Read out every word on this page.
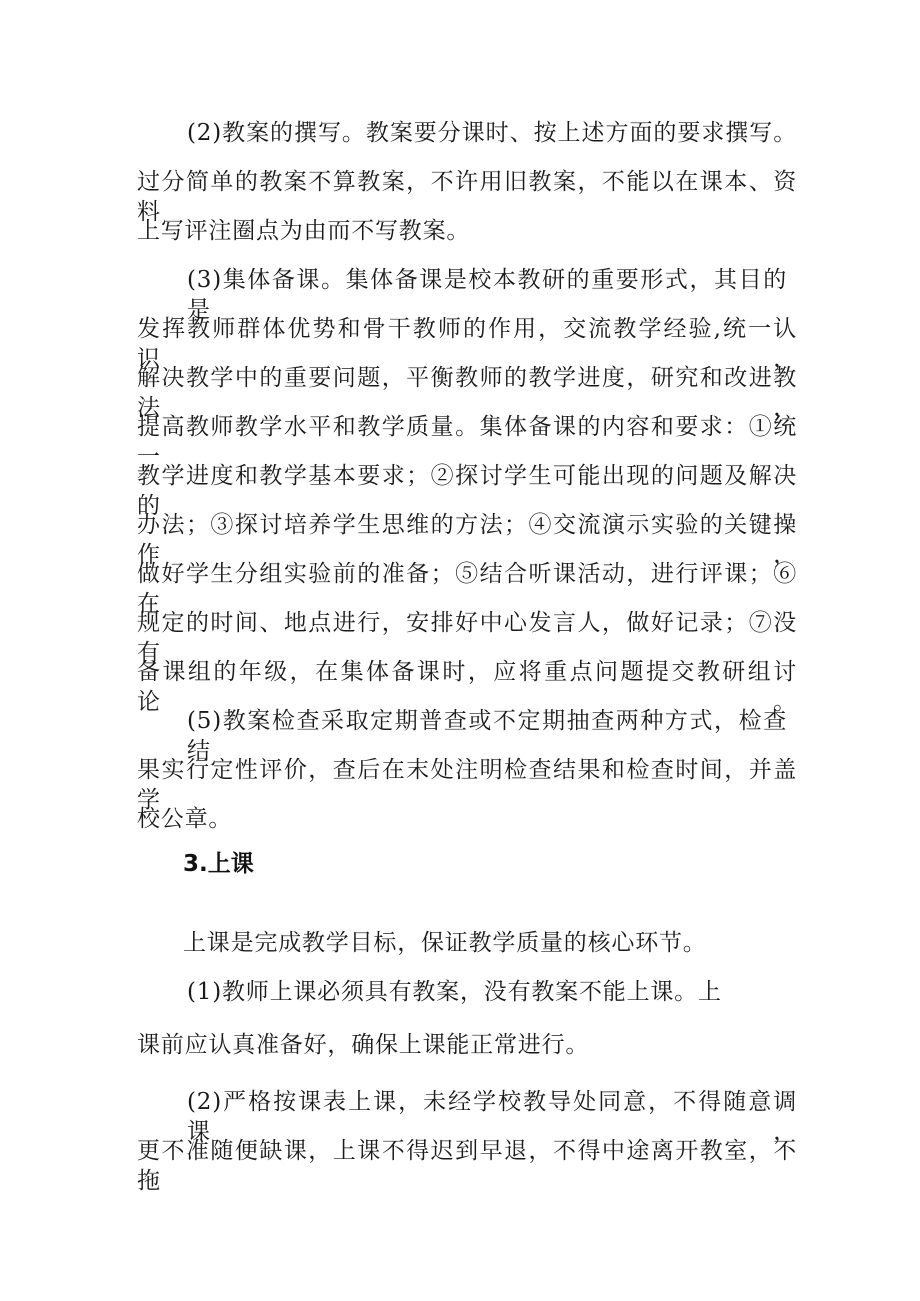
(2)教案的撰写。教案要分课时、按上述方面的要求撰写。
过分简单的教案不算教案，不许用旧教案，不能以在课本、资料
上写评注圈点为由而不写教案。
(3)集体备课。集体备课是校本教研的重要形式，其目的是
发挥教师群体优势和骨干教师的作用，交流教学经验,统一认识，
解决教学中的重要问题，平衡教师的教学进度，研究和改进教法，
提高教师教学水平和教学质量。集体备课的内容和要求：①统一
教学进度和教学基本要求；②探讨学生可能出现的问题及解决的
办法；③探讨培养学生思维的方法；④交流演示实验的关键操作，
做好学生分组实验前的准备；⑤结合听课活动，进行评课；⑥在
规定的时间、地点进行，安排好中心发言人，做好记录；⑦没有
备课组的年级，在集体备课时，应将重点问题提交教研组讨论。
(5)教案检查采取定期普查或不定期抽查两种方式，检查结
果实行定性评价，查后在末处注明检查结果和检查时间，并盖学
校公章。
3.上课
上课是完成教学目标，保证教学质量的核心环节。
(1)教师上课必须具有教案，没有教案不能上课。上
课前应认真准备好，确保上课能正常进行。
(2)严格按课表上课，未经学校教导处同意，不得随意调课，
更不准随便缺课，上课不得迟到早退，不得中途离开教室，不拖
